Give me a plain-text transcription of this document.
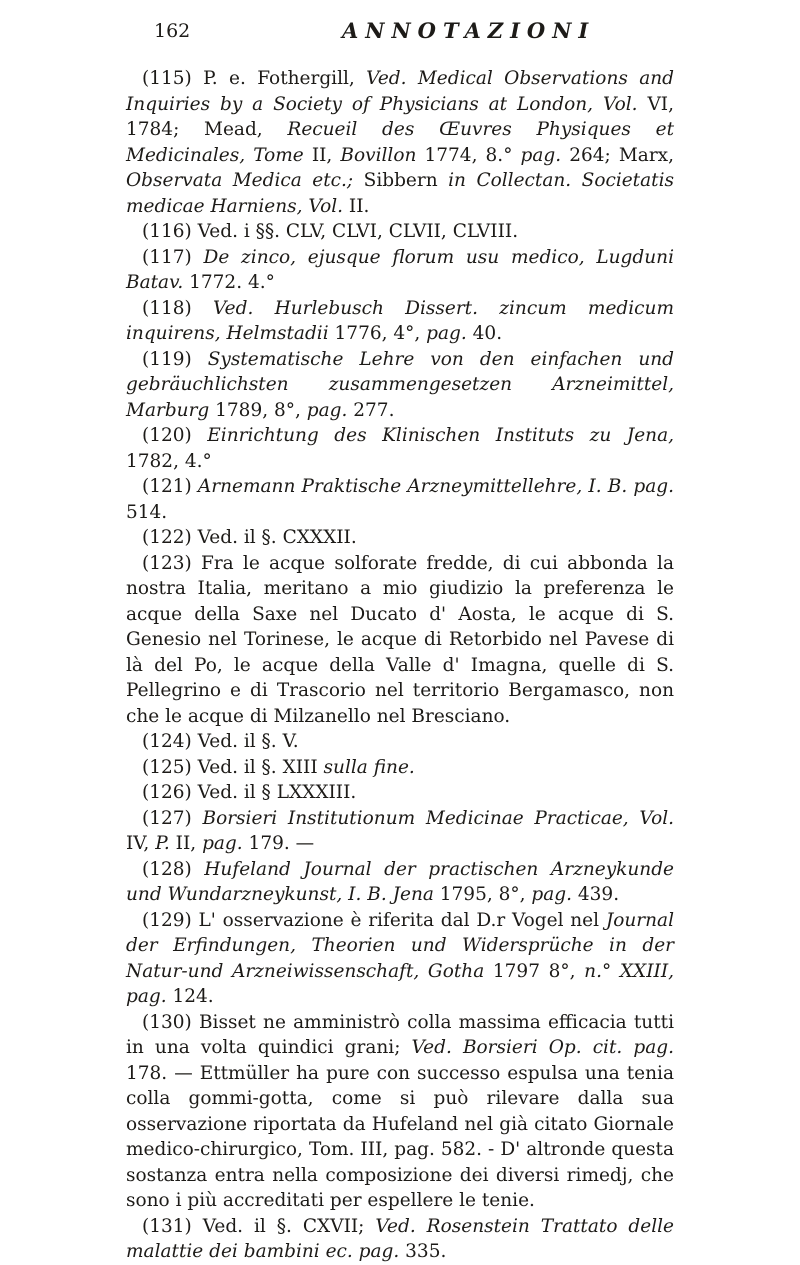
162	ANNOTAZIONI

(115) P. e. Fothergill, Ved. Medical Observations and Inquiries by a Society of Physicians at London, Vol. VI, 1784; Mead, Recueil des Œuvres Physiques et Medicinales, Tome II, Bovillon 1774, 8.° pag. 264; Marx, Observata Medica etc.; Sibbern in Collectan. Societatis medicae Harniens, Vol. II.

(116) Ved. i §§. CLV, CLVI, CLVII, CLVIII.

(117) De zinco, ejusque florum usu medico, Lugduni Batav. 1772. 4.°

(118) Ved. Hurlebusch Dissert. zincum medicum inquirens, Helmstadii 1776, 4°, pag. 40.

(119) Systematische Lehre von den einfachen und gebräuchlichsten zusammengesetzen Arzneimittel, Marburg 1789, 8°, pag. 277.

(120) Einrichtung des Klinischen Instituts zu Jena, 1782, 4.°

(121) Arnemann Praktische Arzneymittellehre, I. B. pag. 514.

(122) Ved. il §. CXXXII.

(123) Fra le acque solforate fredde, di cui abbonda la nostra Italia, meritano a mio giudizio la preferenza le acque della Saxe nel Ducato d' Aosta, le acque di S. Genesio nel Torinese, le acque di Retorbido nel Pavese di là del Po, le acque della Valle d' Imagna, quelle di S. Pellegrino e di Trascorio nel territorio Bergamasco, non che le acque di Milzanello nel Bresciano.

(124) Ved. il §. V.

(125) Ved. il §. XIII sulla fine.

(126) Ved. il § LXXXIII.

(127) Borsieri Institutionum Medicinae Practicae, Vol. IV, P. II, pag. 179. —

(128) Hufeland Journal der practischen Arzneykunde und Wundarzneykunst, I. B. Jena 1795, 8°, pag. 439.

(129) L' osservazione è riferita dal D.r Vogel nel Journal der Erfindungen, Theorien und Widersprüche in der Natur-und Arzneiwissenschaft, Gotha 1797 8°, n.° XXIII, pag. 124.

(130) Bisset ne amministrò colla massima efficacia tutti in una volta quindici grani; Ved. Borsieri Op. cit. pag. 178. — Ettmüller ha pure con successo espulsa una tenia colla gommi-gotta, come si può rilevare dalla sua osservazione riportata da Hufeland nel già citato Giornale medico-chirurgico, Tom. III, pag. 582. - D' altronde questa sostanza entra nella composizione dei diversi rimedj, che sono i più accreditati per espellere le tenie.

(131) Ved. il §. CXVII; Ved. Rosenstein Trattato delle malattie dei bambini ec. pag. 335.
